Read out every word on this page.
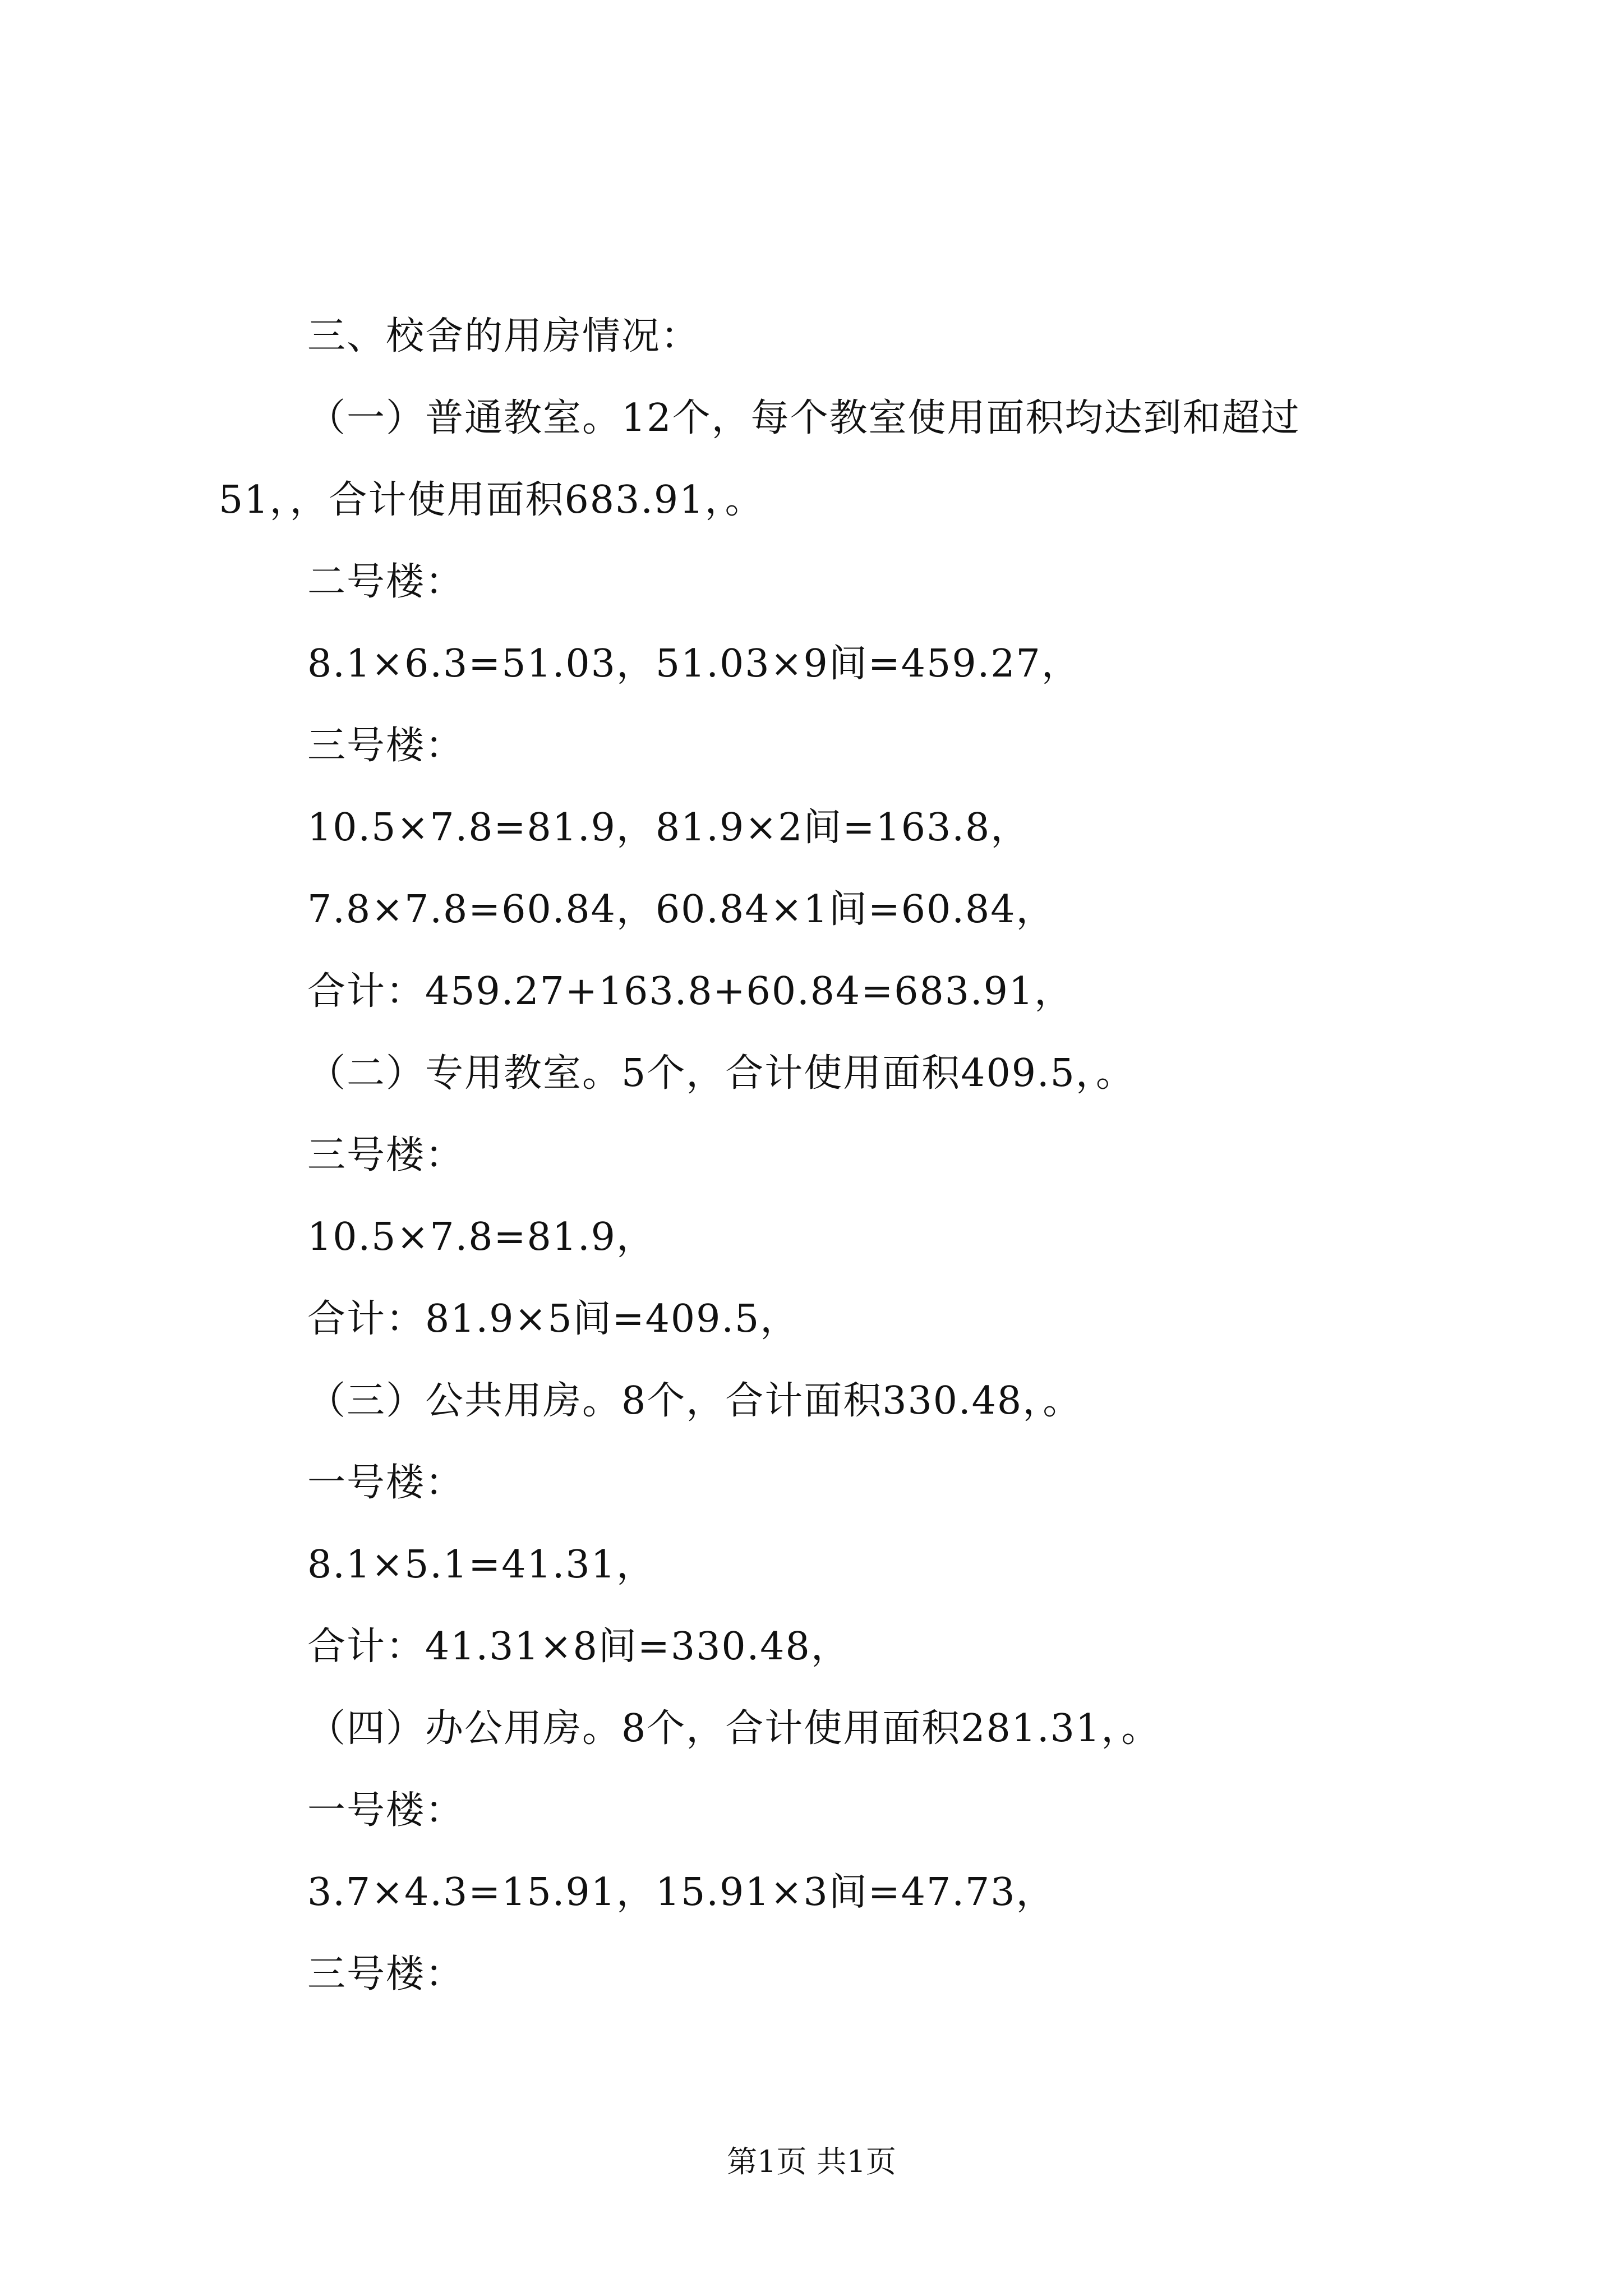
三、校舍的用房情况：
（一）普通教室。12个，每个教室使用面积均达到和超过
51，，合计使用面积683.91，。
二号楼：
8.1×6.3=51.03，51.03×9间=459.27，
三号楼：
10.5×7.8=81.9，81.9×2间=163.8，
7.8×7.8=60.84，60.84×1间=60.84，
合计：459.27+163.8+60.84=683.91，
（二）专用教室。5个，合计使用面积409.5，。
三号楼：
10.5×7.8=81.9，
合计：81.9×5间=409.5，
（三）公共用房。8个，合计面积330.48，。
一号楼：
8.1×5.1=41.31，
合计：41.31×8间=330.48，
（四）办公用房。8个，合计使用面积281.31，。
一号楼：
3.7×4.3=15.91，15.91×3间=47.73，
三号楼：
第1页 共1页
